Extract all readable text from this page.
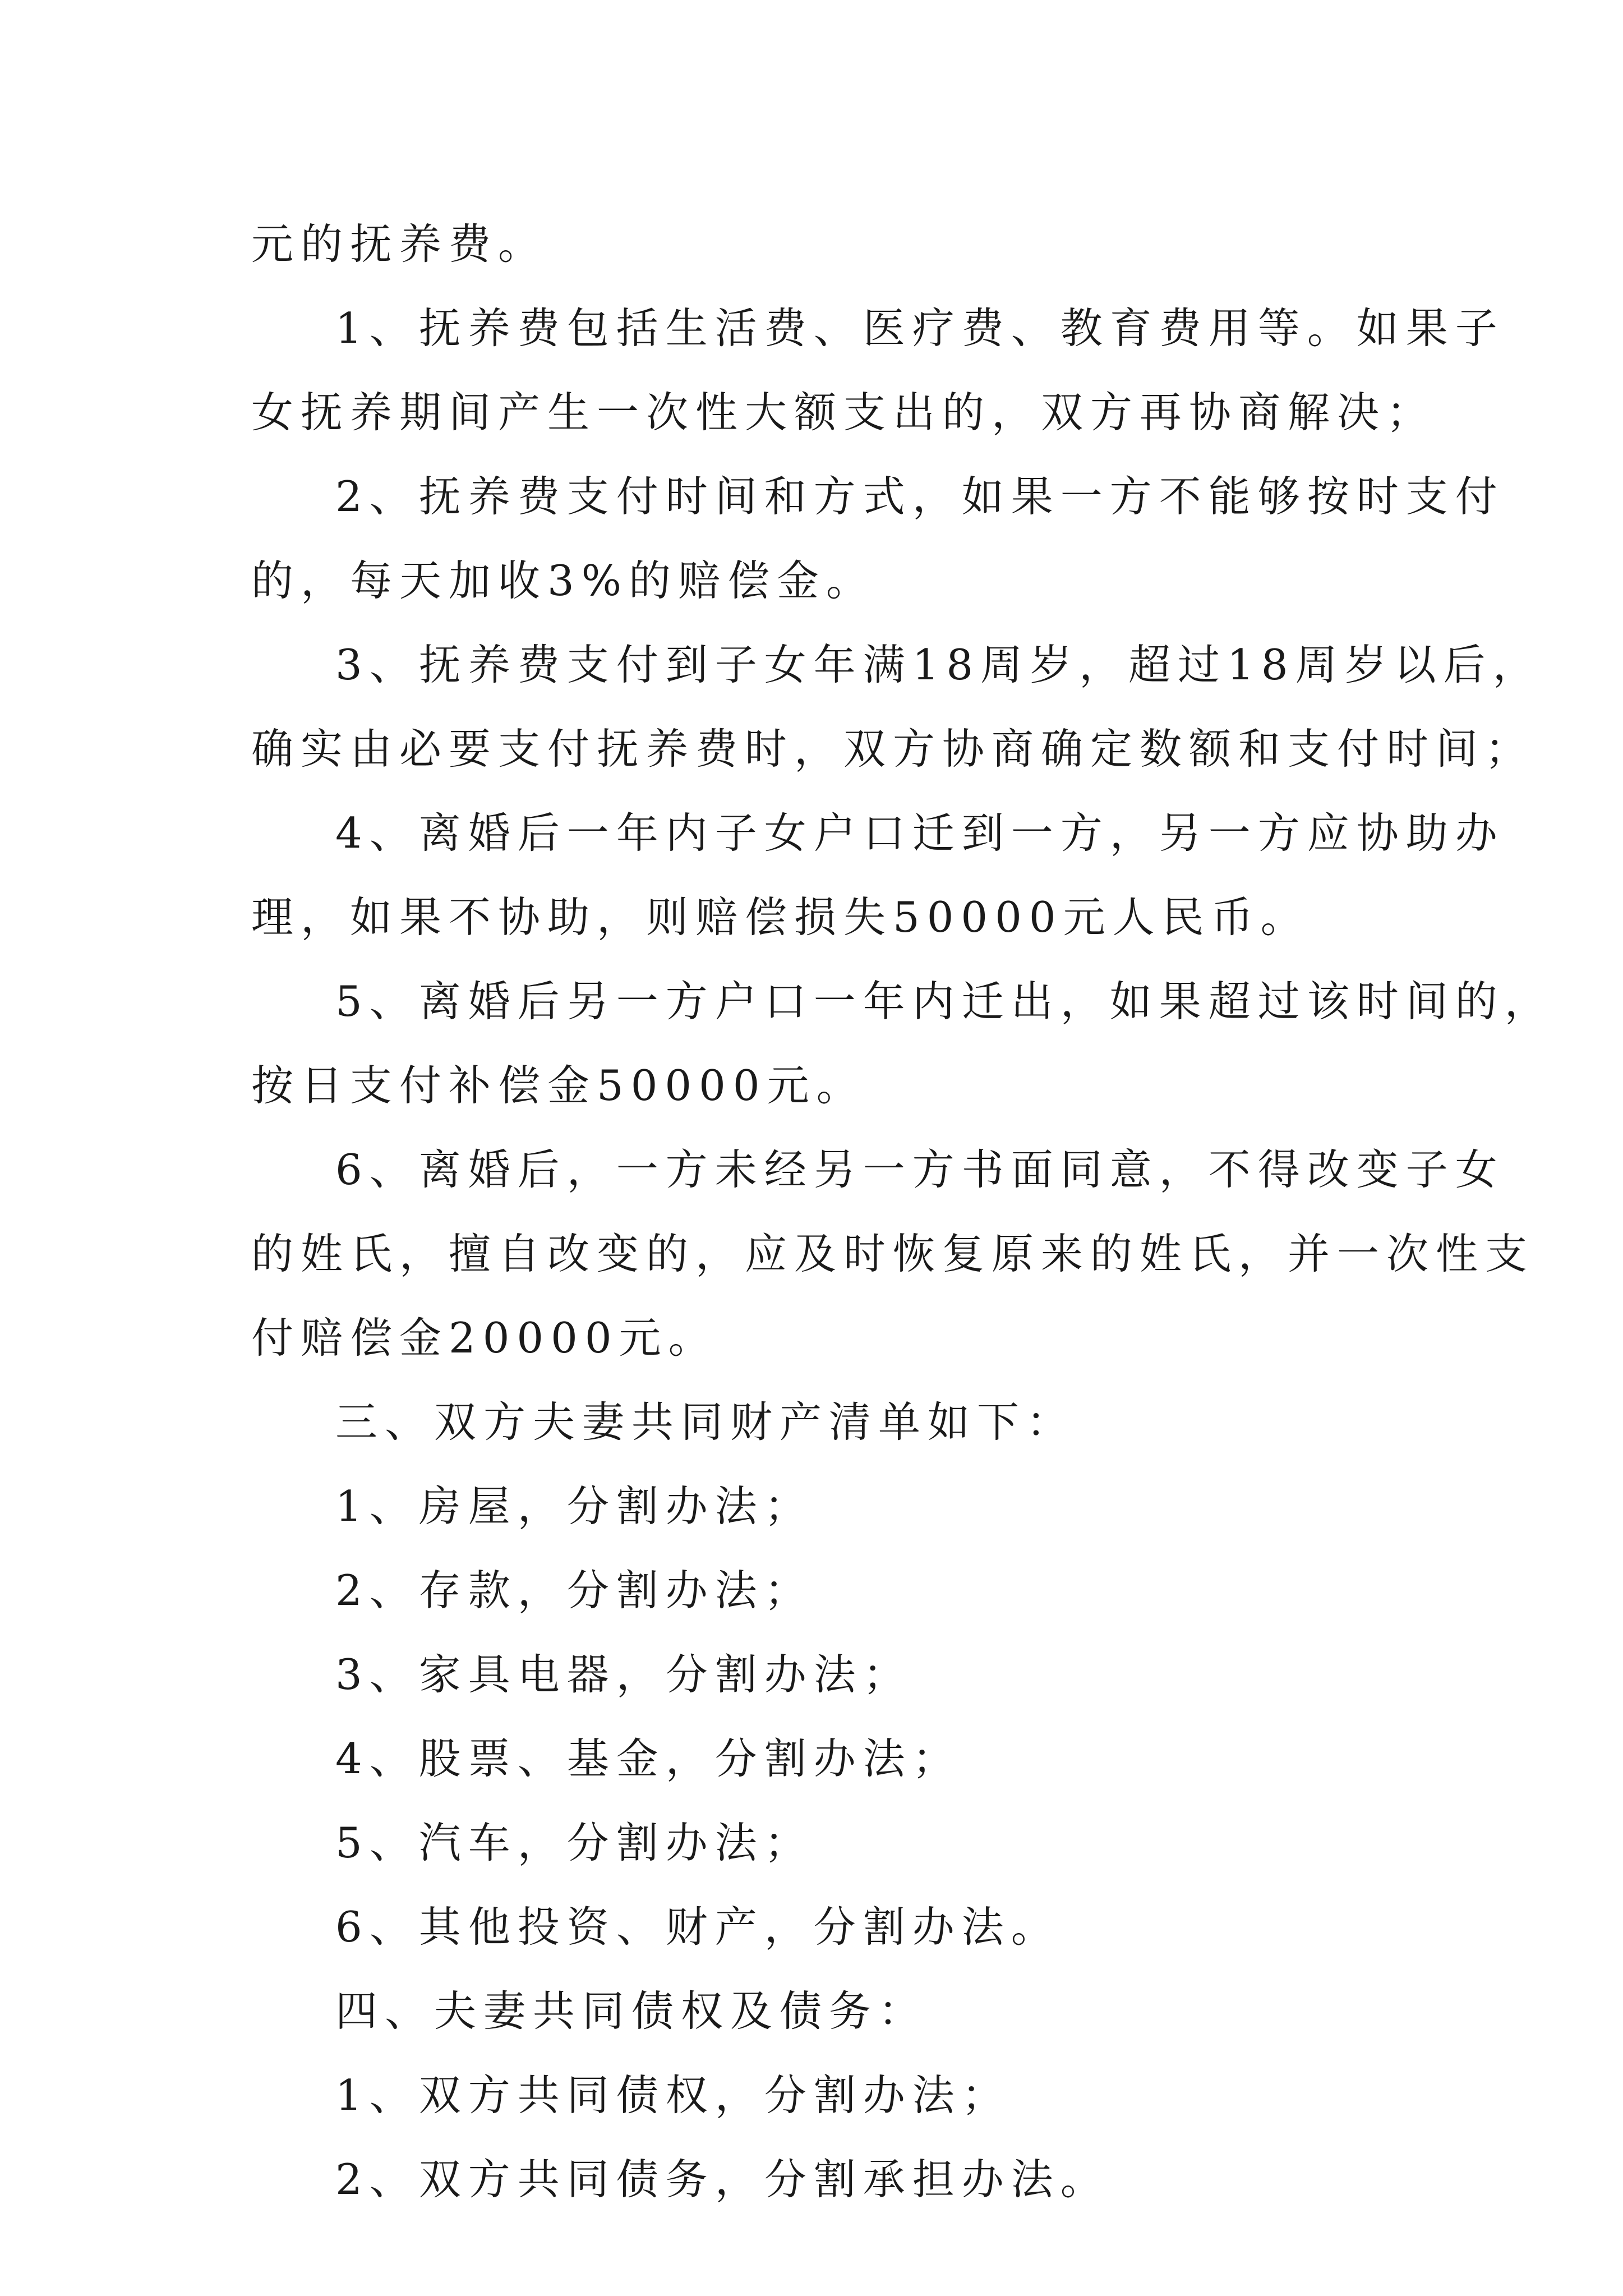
元的抚养费。
1、抚养费包括生活费、医疗费、教育费用等。如果子
女抚养期间产生一次性大额支出的，双方再协商解决；
2、抚养费支付时间和方式，如果一方不能够按时支付
的，每天加收3%的赔偿金。
3、抚养费支付到子女年满18周岁，超过18周岁以后，
确实由必要支付抚养费时，双方协商确定数额和支付时间；
4、离婚后一年内子女户口迁到一方，另一方应协助办
理，如果不协助，则赔偿损失50000元人民币。
5、离婚后另一方户口一年内迁出，如果超过该时间的，
按日支付补偿金50000元。
6、离婚后，一方未经另一方书面同意，不得改变子女
的姓氏，擅自改变的，应及时恢复原来的姓氏，并一次性支
付赔偿金20000元。
三、双方夫妻共同财产清单如下：
1、房屋，分割办法；
2、存款，分割办法；
3、家具电器，分割办法；
4、股票、基金，分割办法；
5、汽车，分割办法；
6、其他投资、财产，分割办法。
四、夫妻共同债权及债务：
1、双方共同债权，分割办法；
2、双方共同债务，分割承担办法。
